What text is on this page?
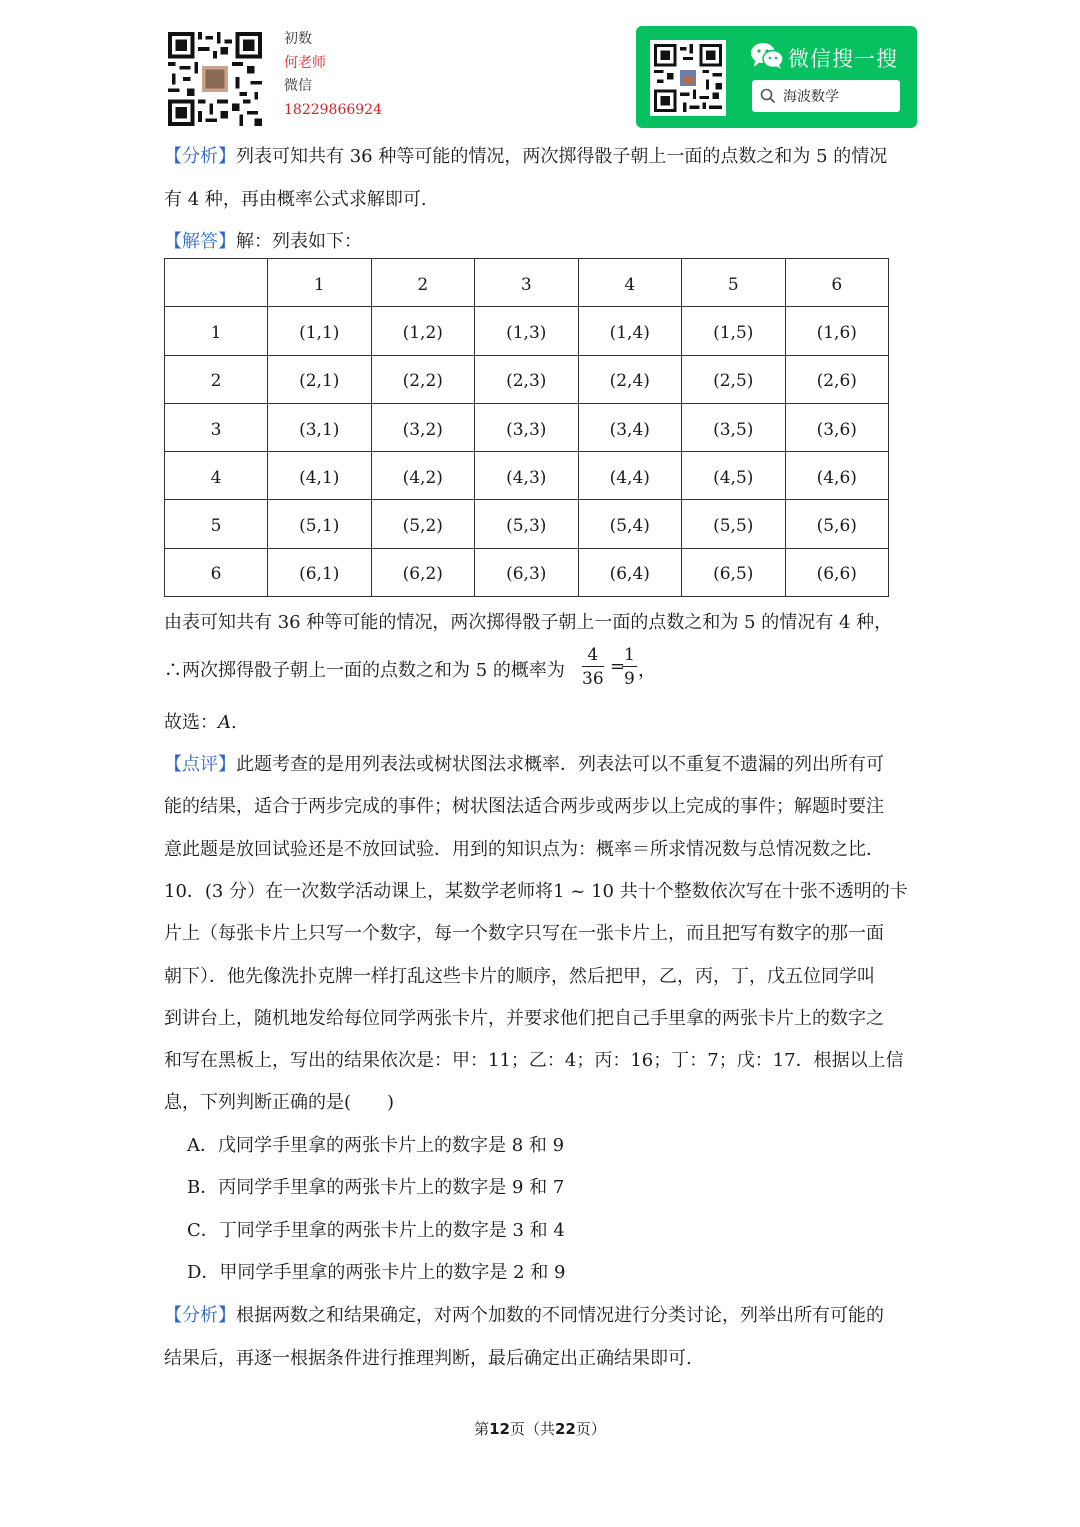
初数
何老师
微信
18229866924
微信搜一搜
海波数学
【分析】列表可知共有 36 种等可能的情况，两次掷得骰子朝上一面的点数之和为 5 的情况
有 4 种，再由概率公式求解即可.
【解答】解：列表如下：
	1	2	3	4	5	6
1	(1,1)	(1,2)	(1,3)	(1,4)	(1,5)	(1,6)
2	(2,1)	(2,2)	(2,3)	(2,4)	(2,5)	(2,6)
3	(3,1)	(3,2)	(3,3)	(3,4)	(3,5)	(3,6)
4	(4,1)	(4,2)	(4,3)	(4,4)	(4,5)	(4,6)
5	(5,1)	(5,2)	(5,3)	(5,4)	(5,5)	(5,6)
6	(6,1)	(6,2)	(6,3)	(6,4)	(6,5)	(6,6)
由表可知共有 36 种等可能的情况，两次掷得骰子朝上一面的点数之和为 5 的情况有 4 种，
∴两次掷得骰子朝上一面的点数之和为 5 的概率为 $\frac{4}{36}$ =
$\frac{1}{9}$ ，
故选：A.
【点评】此题考查的是用列表法或树状图法求概率．列表法可以不重复不遗漏的列出所有可
能的结果，适合于两步完成的事件；树状图法适合两步或两步以上完成的事件；解题时要注
意此题是放回试验还是不放回试验．用到的知识点为：概率＝所求情况数与总情况数之比．
10．(3 分）在一次数学活动课上，某数学老师将1 ~ 10 共十个整数依次写在十张不透明的卡
片上（每张卡片上只写一个数字，每一个数字只写在一张卡片上，而且把写有数字的那一面
朝下）．他先像洗扑克牌一样打乱这些卡片的顺序，然后把甲，乙，丙，丁，戊五位同学叫
到讲台上，随机地发给每位同学两张卡片，并要求他们把自己手里拿的两张卡片上的数字之
和写在黑板上，写出的结果依次是：甲：11；乙：4；丙：16；丁：7；戊：17．根据以上信
息，下列判断正确的是(　　)
A．戊同学手里拿的两张卡片上的数字是 8 和 9
B．丙同学手里拿的两张卡片上的数字是 9 和 7
C．丁同学手里拿的两张卡片上的数字是 3 和 4
D．甲同学手里拿的两张卡片上的数字是 2 和 9
【分析】根据两数之和结果确定，对两个加数的不同情况进行分类讨论，列举出所有可能的
结果后，再逐一根据条件进行推理判断，最后确定出正确结果即可.
第12页（共22页）
